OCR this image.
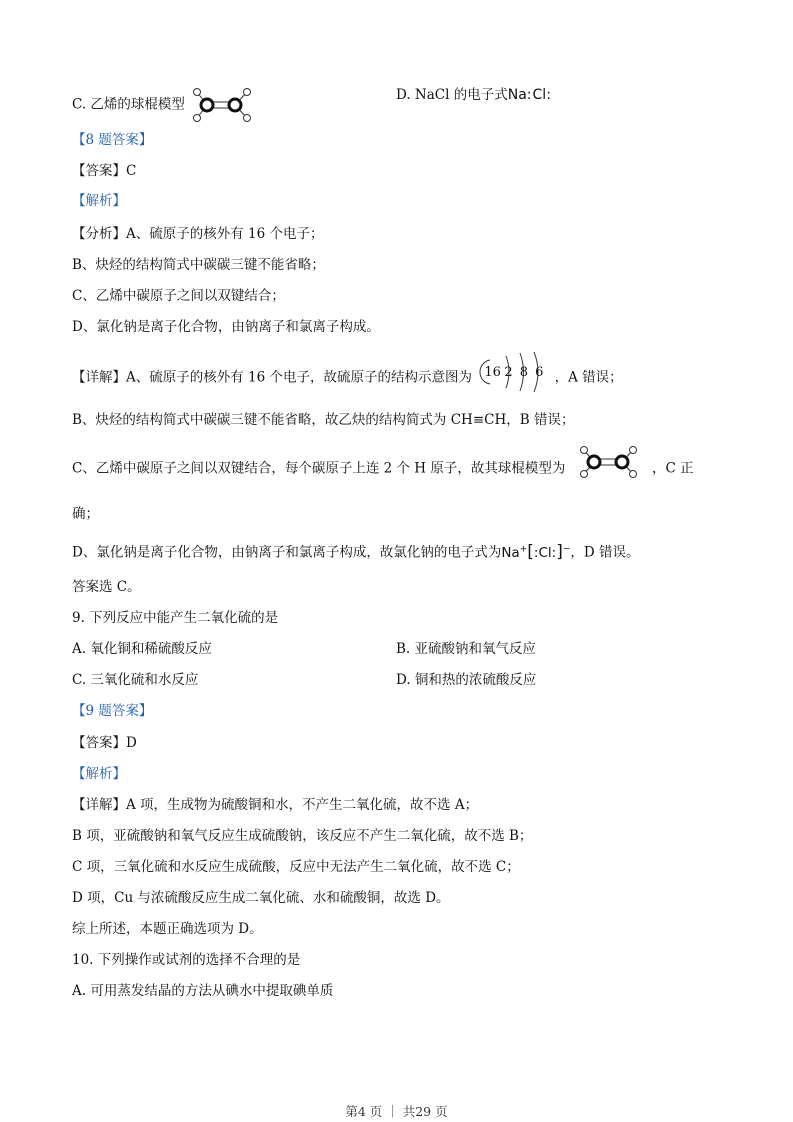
C. 乙烯的球棍模型
D. NaCl 的电子式Na:Cl:
【8 题答案】
【答案】C
【解析】
【分析】A、硫原子的核外有 16 个电子；
B、炔烃的结构简式中碳碳三键不能省略；
C、乙烯中碳原子之间以双键结合；
D、氯化钠是离子化合物，由钠离子和氯离子构成。
【详解】A、硫原子的核外有 16 个电子，故硫原子的结构示意图为 16 2 8 6 ，A 错误；
B、炔烃的结构简式中碳碳三键不能省略，故乙炔的结构简式为 CH≡CH，B 错误；
C、乙烯中碳原子之间以双键结合，每个碳原子上连 2 个 H 原子，故其球棍模型为	，C 正
确；
D、氯化钠是离子化合物，由钠离子和氯离子构成，故氯化钠的电子式为Na+[:Cl:]−，D 错误。
答案选 C。
9. 下列反应中能产生二氧化硫的是
A. 氧化铜和稀硫酸反应	B. 亚硫酸钠和氧气反应
C. 三氧化硫和水反应	D. 铜和热的浓硫酸反应
【9 题答案】
【答案】D
【解析】
【详解】A 项，生成物为硫酸铜和水，不产生二氧化硫，故不选 A；
B 项，亚硫酸钠和氧气反应生成硫酸钠，该反应不产生二氧化硫，故不选 B；
C 项，三氧化硫和水反应生成硫酸，反应中无法产生二氧化硫，故不选 C；
D 项，Cu 与浓硫酸反应生成二氧化硫、水和硫酸铜，故选 D。
综上所述，本题正确选项为 D。
10. 下列操作或试剂的选择不合理的是
A. 可用蒸发结晶的方法从碘水中提取碘单质
第4 页 ｜ 共29 页
